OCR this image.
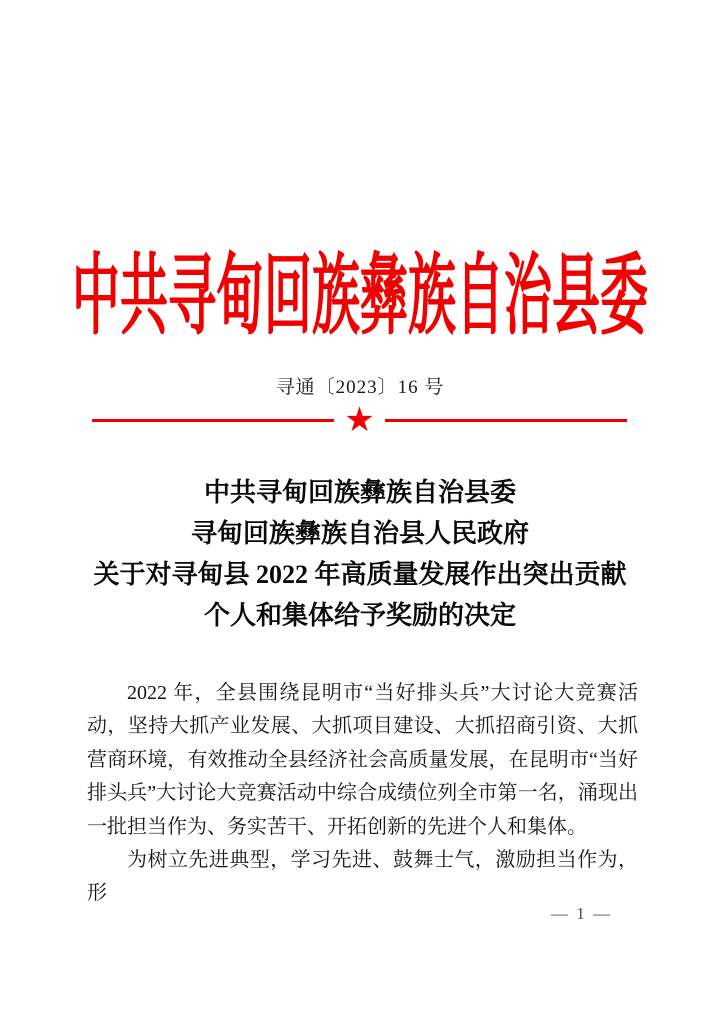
中共寻甸回族彝族自治县委
寻通〔2023〕16 号
★
中共寻甸回族彝族自治县委
寻甸回族彝族自治县人民政府
关于对寻甸县 2022 年高质量发展作出突出贡献
个人和集体给予奖励的决定

2022 年，全县围绕昆明市“当好排头兵”大讨论大竞赛活动，坚持大抓产业发展、大抓项目建设、大抓招商引资、大抓营商环境，有效推动全县经济社会高质量发展，在昆明市“当好排头兵”大讨论大竞赛活动中综合成绩位列全市第一名，涌现出一批担当作为、务实苦干、开拓创新的先进个人和集体。

为树立先进典型，学习先进、鼓舞士气，激励担当作为，形

— 1 —
